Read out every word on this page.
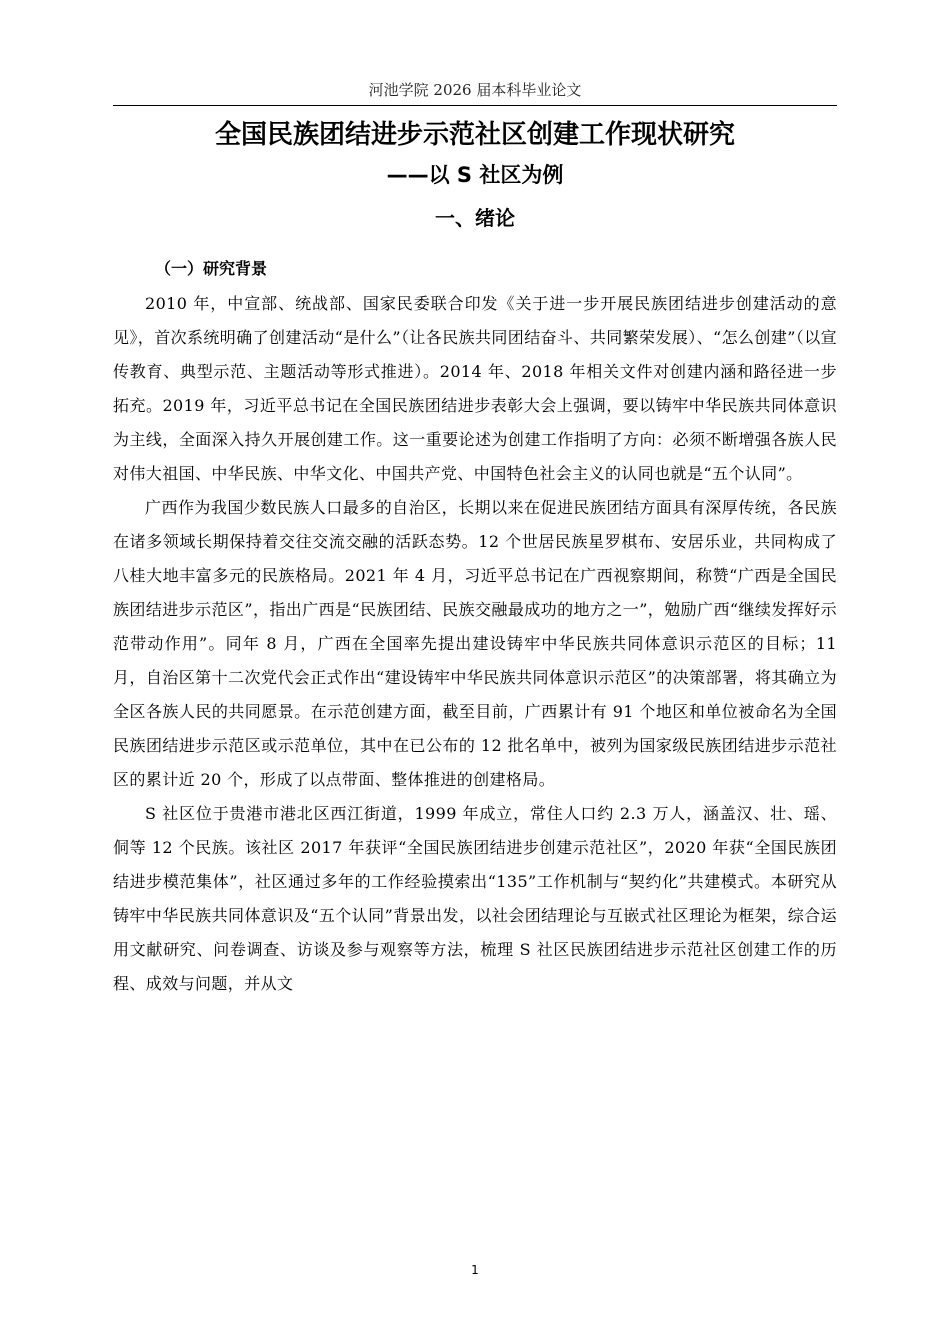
河池学院 2026 届本科毕业论文
全国民族团结进步示范社区创建工作现状研究
——以 S 社区为例
一、绪论
（一）研究背景

2010 年，中宣部、统战部、国家民委联合印发《关于进一步开展民族团结进步创建活动的意见》，首次系统明确了创建活动“是什么”（让各民族共同团结奋斗、共同繁荣发展）、“怎么创建”（以宣传教育、典型示范、主题活动等形式推进）。2014 年、2018 年相关文件对创建内涵和路径进一步拓充。2019 年，习近平总书记在全国民族团结进步表彰大会上强调，要以铸牢中华民族共同体意识为主线，全面深入持久开展创建工作。这一重要论述为创建工作指明了方向：必须不断增强各族人民对伟大祖国、中华民族、中华文化、中国共产党、中国特色社会主义的认同也就是“五个认同”。

广西作为我国少数民族人口最多的自治区，长期以来在促进民族团结方面具有深厚传统，各民族在诸多领域长期保持着交往交流交融的活跃态势。12 个世居民族星罗棋布、安居乐业，共同构成了八桂大地丰富多元的民族格局。2021 年 4 月，习近平总书记在广西视察期间，称赞“广西是全国民族团结进步示范区”，指出广西是“民族团结、民族交融最成功的地方之一”，勉励广西“继续发挥好示范带动作用”。同年 8 月，广西在全国率先提出建设铸牢中华民族共同体意识示范区的目标；11 月，自治区第十二次党代会正式作出“建设铸牢中华民族共同体意识示范区”的决策部署，将其确立为全区各族人民的共同愿景。在示范创建方面，截至目前，广西累计有 91 个地区和单位被命名为全国民族团结进步示范区或示范单位，其中在已公布的 12 批名单中，被列为国家级民族团结进步示范社区的累计近 20 个，形成了以点带面、整体推进的创建格局。

S 社区位于贵港市港北区西江街道，1999 年成立，常住人口约 2.3 万人，涵盖汉、壮、瑶、侗等 12 个民族。该社区 2017 年获评“全国民族团结进步创建示范社区”，2020 年获“全国民族团结进步模范集体”，社区通过多年的工作经验摸索出“135”工作机制与“契约化”共建模式。本研究从铸牢中华民族共同体意识及“五个认同”背景出发，以社会团结理论与互嵌式社区理论为框架，综合运用文献研究、问卷调查、访谈及参与观察等方法，梳理 S 社区民族团结进步示范社区创建工作的历程、成效与问题，并从文

1
